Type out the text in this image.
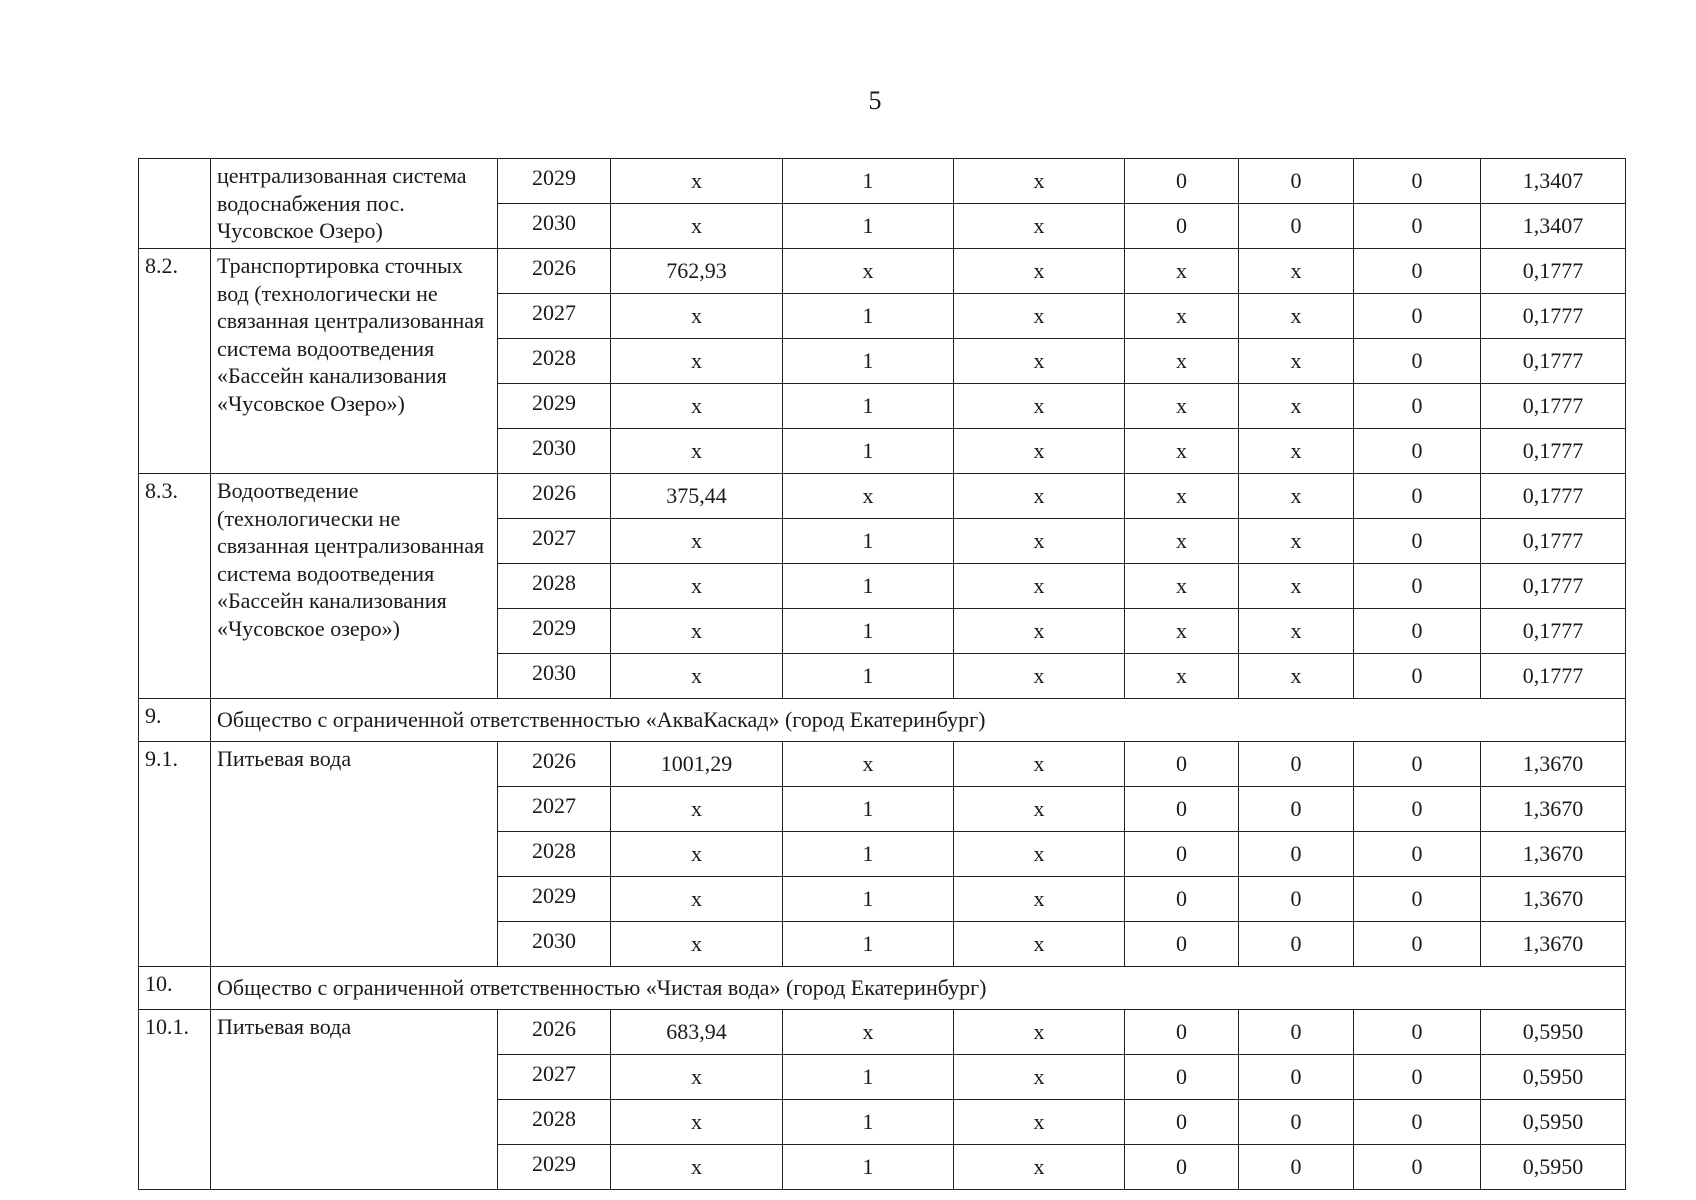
5
	централизованная система водоснабжения пос. Чусовское Озеро)	2029	x	1	x	0	0	0	1,3407
		2030	x	1	x	0	0	0	1,3407
8.2.	Транспортировка сточных вод (технологически не связанная централизованная система водоотведения «Бассейн канализования «Чусовское Озеро»)	2026	762,93	x	x	x	x	0	0,1777
		2027	x	1	x	x	x	0	0,1777
		2028	x	1	x	x	x	0	0,1777
		2029	x	1	x	x	x	0	0,1777
		2030	x	1	x	x	x	0	0,1777
8.3.	Водоотведение (технологически не связанная централизованная система водоотведения «Бассейн канализования «Чусовское озеро»)	2026	375,44	x	x	x	x	0	0,1777
		2027	x	1	x	x	x	0	0,1777
		2028	x	1	x	x	x	0	0,1777
		2029	x	1	x	x	x	0	0,1777
		2030	x	1	x	x	x	0	0,1777
9.	Общество с ограниченной ответственностью «АкваКаскад» (город Екатеринбург)								
9.1.	Питьевая вода	2026	1001,29	x	x	0	0	0	1,3670
		2027	x	1	x	0	0	0	1,3670
		2028	x	1	x	0	0	0	1,3670
		2029	x	1	x	0	0	0	1,3670
		2030	x	1	x	0	0	0	1,3670
10.	Общество с ограниченной ответственностью «Чистая вода» (город Екатеринбург)								
10.1.	Питьевая вода	2026	683,94	x	x	0	0	0	0,5950
		2027	x	1	x	0	0	0	0,5950
		2028	x	1	x	0	0	0	0,5950
		2029	x	1	x	0	0	0	0,5950
